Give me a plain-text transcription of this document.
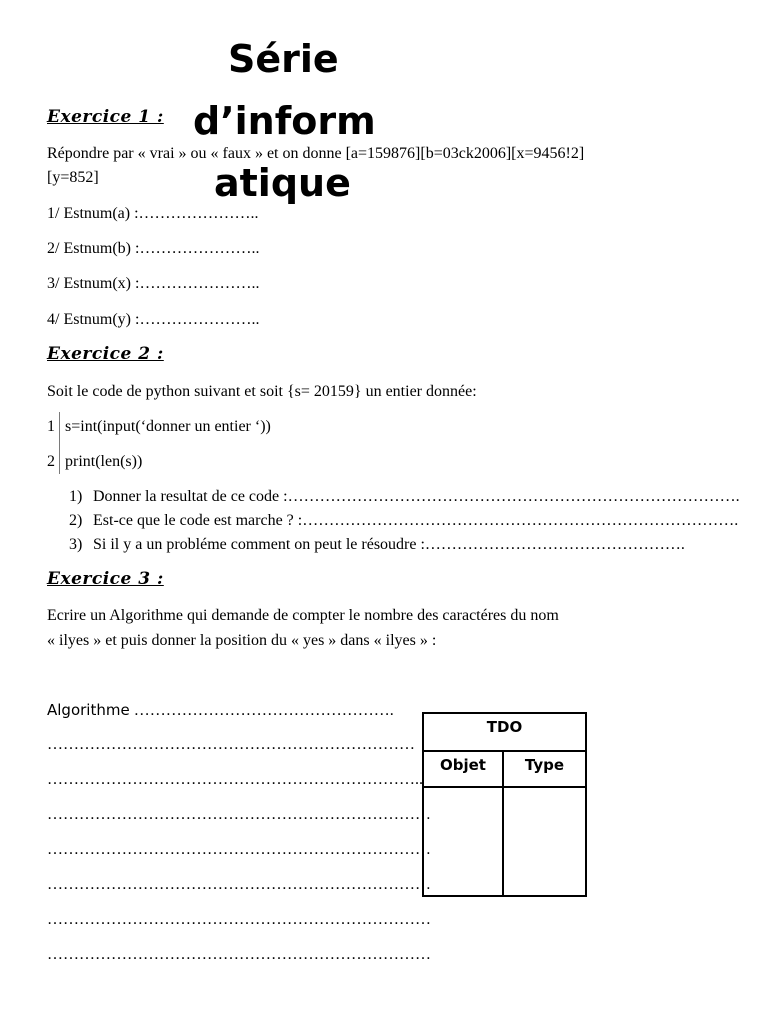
Série
d’inform
atique
Exercice 1 :
Répondre par « vrai » ou « faux » et on donne [a=159876][b=03ck2006][x=9456!2]
[y=852]
1/ Estnum(a) :…………………..
2/ Estnum(b) :…………………..
3/ Estnum(x) :…………………..
4/ Estnum(y) :…………………..
Exercice 2 :
Soit le code de python suivant et soit {s= 20159} un entier donnée:
1 s=int(input(‘donner un entier ‘))
2 print(len(s))
1) Donner la resultat de ce code :………………………………………………………………………….
2) Est-ce que le code est marche ? :……………………………………………………………………….
3) Si il y a un probléme comment on peut le résoudre :………………………………………….
Exercice 3 :
Ecrire un Algorithme qui demande de compter le nombre des caractéres du nom
« ilyes » et puis donner la position du « yes » dans « ilyes » :
Algorithme ………………………………………….
……………………………………………………………
……………………………………………………………..
………………………………………………………………
………………………………………………………………
………………………………………………………………
………………………………………………………………
………………………………………………………………
TDO
Objet	Type
